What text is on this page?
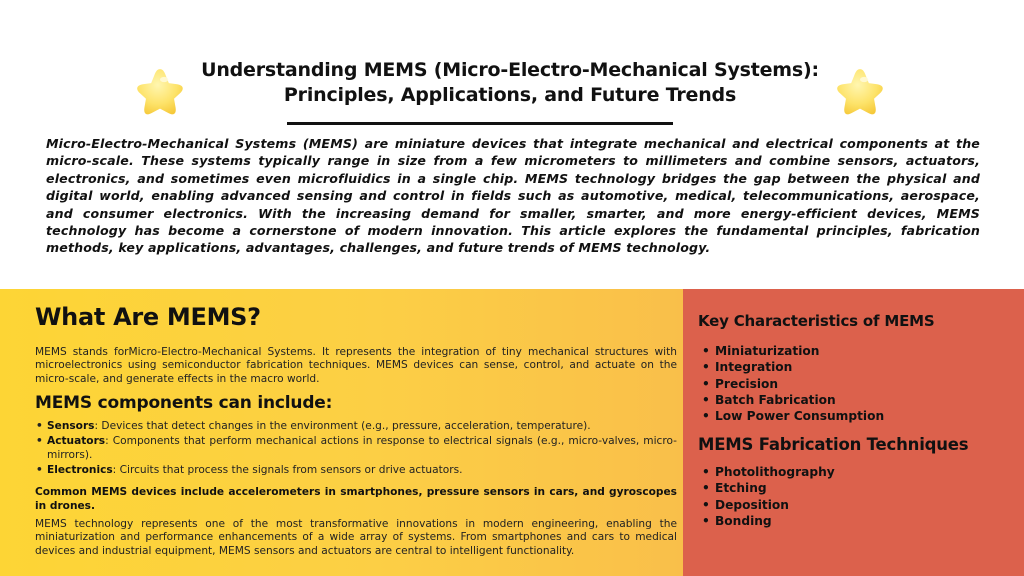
Understanding MEMS (Micro-Electro-Mechanical Systems): Principles, Applications, and Future Trends
Micro-Electro-Mechanical Systems (MEMS) are miniature devices that integrate mechanical and electrical components at the micro-scale. These systems typically range in size from a few micrometers to millimeters and combine sensors, actuators, electronics, and sometimes even microfluidics in a single chip. MEMS technology bridges the gap between the physical and digital world, enabling advanced sensing and control in fields such as automotive, medical, telecommunications, aerospace, and consumer electronics. With the increasing demand for smaller, smarter, and more energy-efficient devices, MEMS technology has become a cornerstone of modern innovation. This article explores the fundamental principles, fabrication methods, key applications, advantages, challenges, and future trends of MEMS technology.
What Are MEMS?
MEMS stands forMicro-Electro-Mechanical Systems. It represents the integration of tiny mechanical structures with microelectronics using semiconductor fabrication techniques. MEMS devices can sense, control, and actuate on the micro-scale, and generate effects in the macro world.
MEMS components can include:
• Sensors: Devices that detect changes in the environment (e.g., pressure, acceleration, temperature).
• Actuators: Components that perform mechanical actions in response to electrical signals (e.g., micro-valves, micro-mirrors).
• Electronics: Circuits that process the signals from sensors or drive actuators.
Common MEMS devices include accelerometers in smartphones, pressure sensors in cars, and gyroscopes in drones.
MEMS technology represents one of the most transformative innovations in modern engineering, enabling the miniaturization and performance enhancements of a wide array of systems. From smartphones and cars to medical devices and industrial equipment, MEMS sensors and actuators are central to intelligent functionality.
Key Characteristics of MEMS
• Miniaturization
• Integration
• Precision
• Batch Fabrication
• Low Power Consumption
MEMS Fabrication Techniques
• Photolithography
• Etching
• Deposition
• Bonding
